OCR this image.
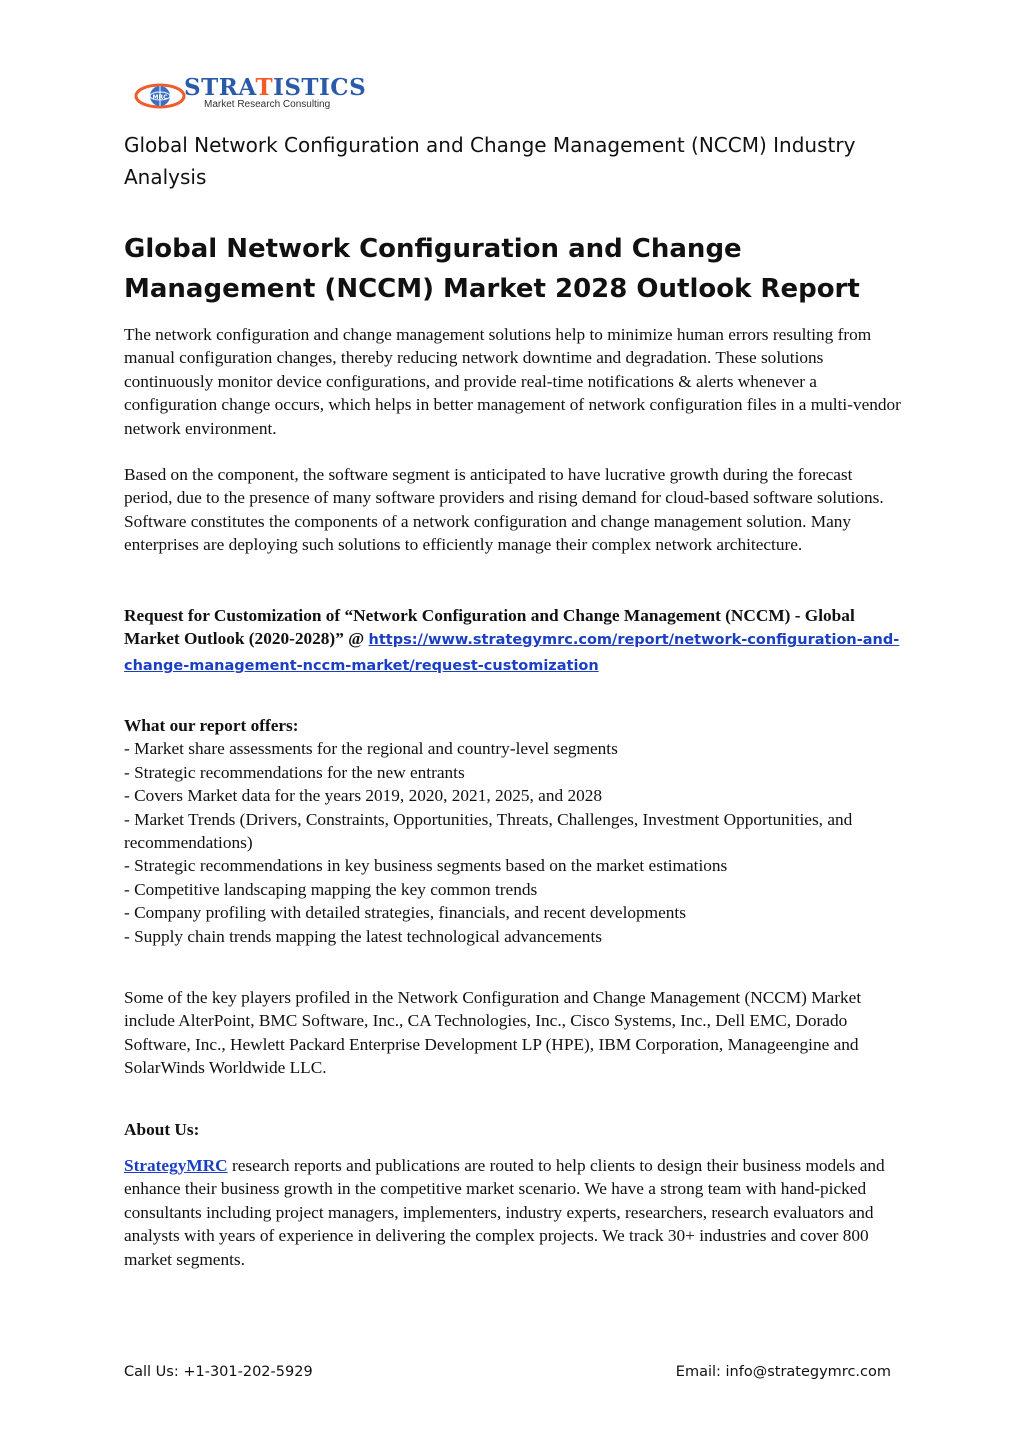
MRC STRATISTICS
Market Research Consulting
Global Network Configuration and Change Management (NCCM) Industry Analysis
Global Network Configuration and Change Management (NCCM) Market 2028 Outlook Report

The network configuration and change management solutions help to minimize human errors resulting from manual configuration changes, thereby reducing network downtime and degradation. These solutions continuously monitor device configurations, and provide real-time notifications & alerts whenever a configuration change occurs, which helps in better management of network configuration files in a multi-vendor network environment.

Based on the component, the software segment is anticipated to have lucrative growth during the forecast period, due to the presence of many software providers and rising demand for cloud-based software solutions. Software constitutes the components of a network configuration and change management solution. Many enterprises are deploying such solutions to efficiently manage their complex network architecture.

Request for Customization of “Network Configuration and Change Management (NCCM) - Global Market Outlook (2020-2028)” @ https://www.strategymrc.com/report/network-configuration-and-change-management-nccm-market/request-customization

What our report offers:
- Market share assessments for the regional and country-level segments
- Strategic recommendations for the new entrants
- Covers Market data for the years 2019, 2020, 2021, 2025, and 2028
- Market Trends (Drivers, Constraints, Opportunities, Threats, Challenges, Investment Opportunities, and recommendations)
- Strategic recommendations in key business segments based on the market estimations
- Competitive landscaping mapping the key common trends
- Company profiling with detailed strategies, financials, and recent developments
- Supply chain trends mapping the latest technological advancements

Some of the key players profiled in the Network Configuration and Change Management (NCCM) Market include AlterPoint, BMC Software, Inc., CA Technologies, Inc., Cisco Systems, Inc., Dell EMC, Dorado Software, Inc., Hewlett Packard Enterprise Development LP (HPE), IBM Corporation, Manageengine and SolarWinds Worldwide LLC.

About Us:

StrategyMRC research reports and publications are routed to help clients to design their business models and enhance their business growth in the competitive market scenario. We have a strong team with hand-picked consultants including project managers, implementers, industry experts, researchers, research evaluators and analysts with years of experience in delivering the complex projects. We track 30+ industries and cover 800 market segments.

Call Us: +1-301-202-5929	Email: info@strategymrc.com
